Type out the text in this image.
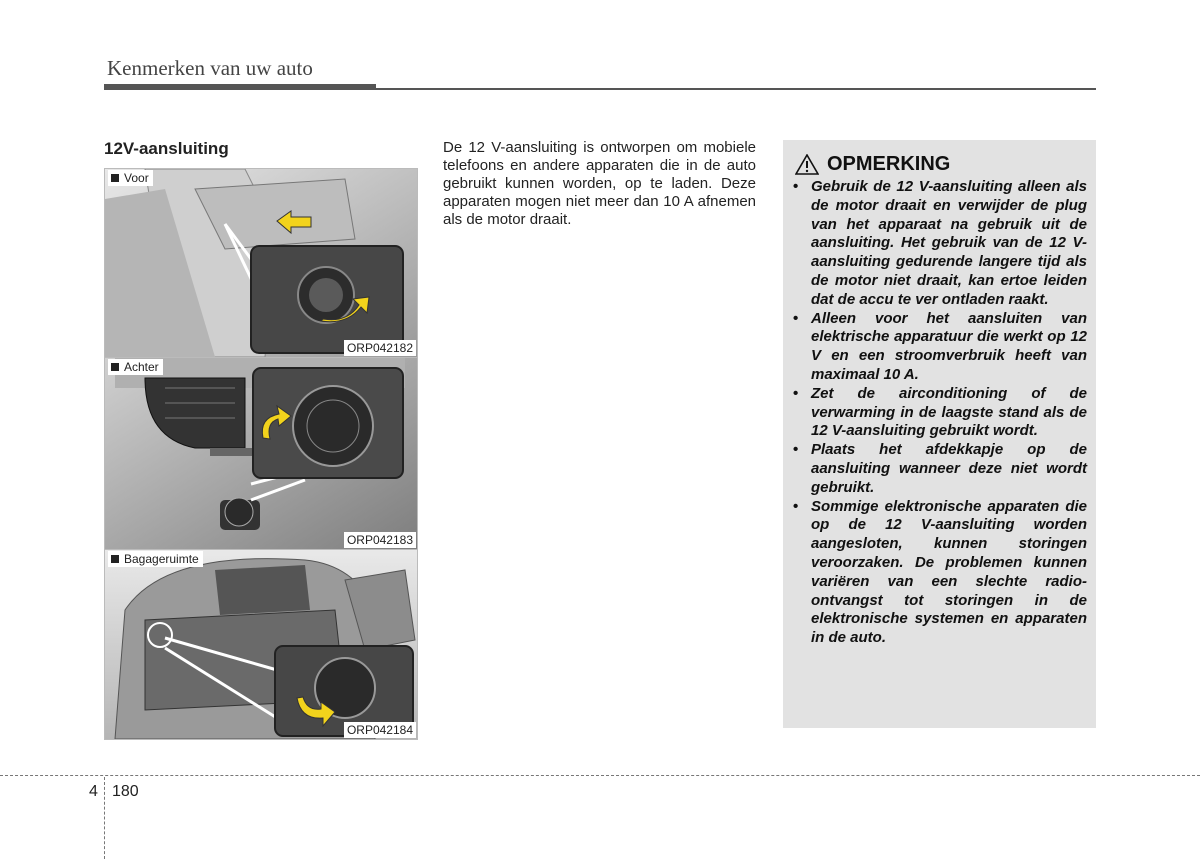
Kenmerken van uw auto
12V-aansluiting
Voor
ORP042182
Achter
ORP042183
Bagageruimte
ORP042184
De 12 V-aansluiting is ontworpen om mobiele telefoons en andere apparaten die in de auto gebruikt kunnen worden, op te laden. Deze apparaten mogen niet meer dan 10 A afnemen als de motor draait.
OPMERKING
• Gebruik de 12 V-aansluiting alleen als de motor draait en verwijder de plug van het apparaat na gebruik uit de aansluiting. Het gebruik van de 12 V-aansluiting gedurende langere tijd als de motor niet draait, kan ertoe leiden dat de accu te ver ontladen raakt.
• Alleen voor het aansluiten van elektrische apparatuur die werkt op 12 V en een stroomverbruik heeft van maximaal 10 A.
• Zet de airconditioning of de verwarming in de laagste stand als de 12 V-aansluiting gebruikt wordt.
• Plaats het afdekkapje op de aansluiting wanneer deze niet wordt gebruikt.
• Sommige elektronische apparaten die op de 12 V-aansluiting worden aangesloten, kunnen storingen veroorzaken. De problemen kunnen variëren van een slechte radio-ontvangst tot storingen in de elektronische systemen en apparaten in de auto.
4 180
